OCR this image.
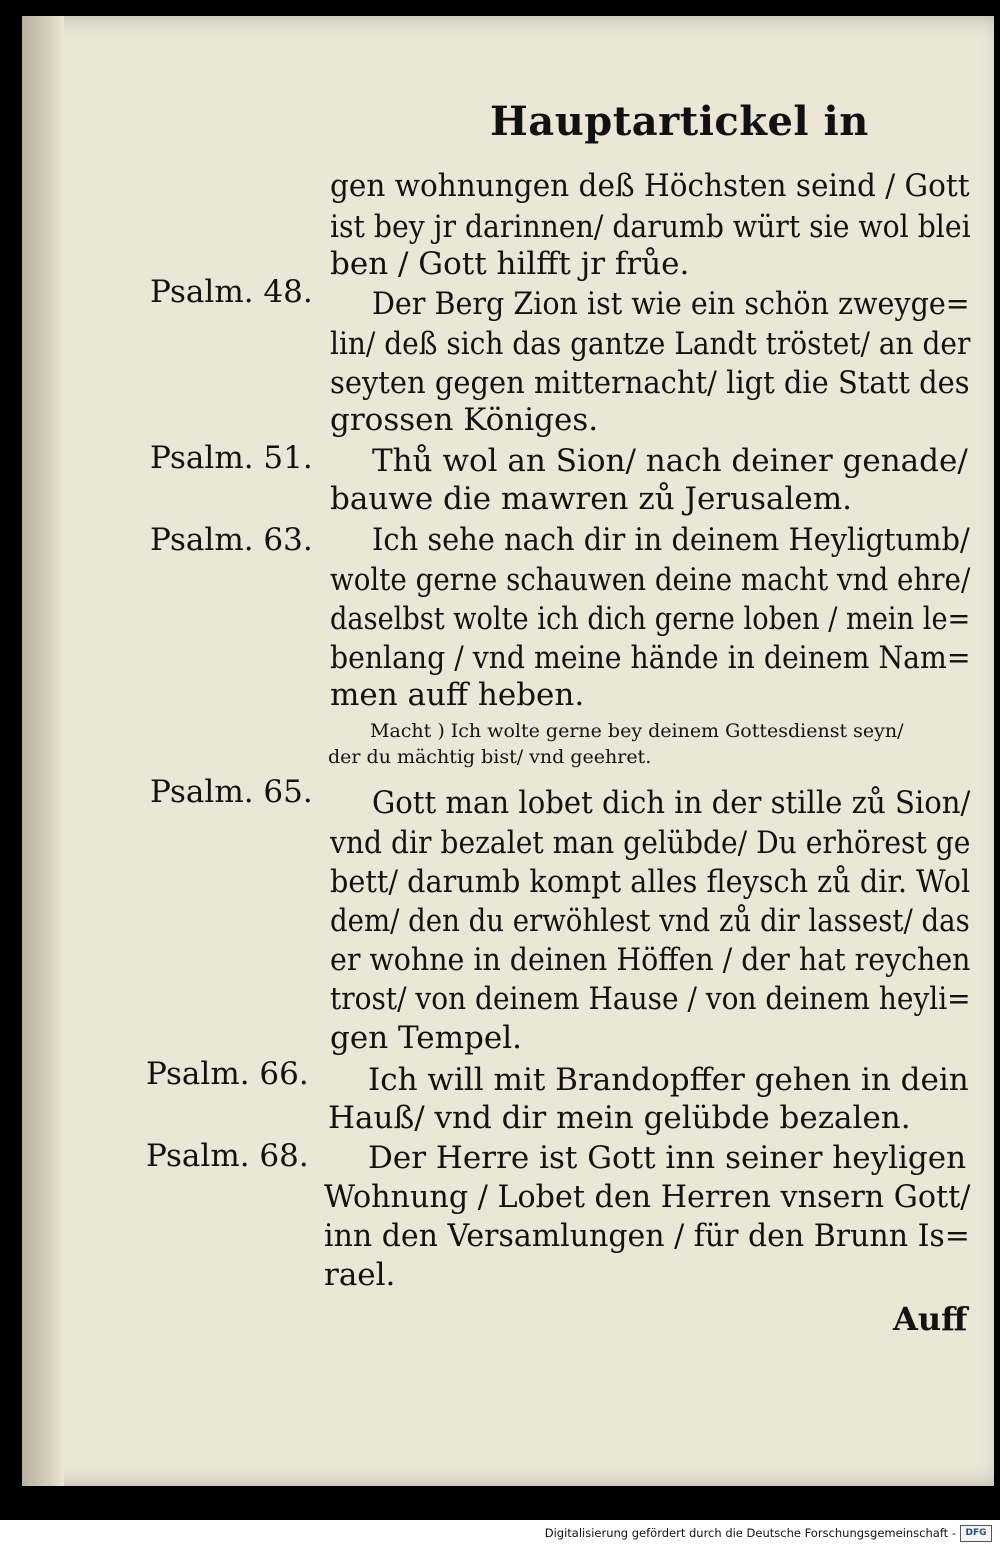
Hauptartickel in
gen wohnungen deß Höchsten seind / Gott
ist bey jr darinnen/ darumb würt sie wol blei
ben / Gott hilfft jr frůe.
Psalm. 48. Der Berg Zion ist wie ein schön zweyge=
lin/ deß sich das gantze Landt tröstet/ an der
seyten gegen mitternacht/ ligt die Statt des
grossen Königes.
Psalm. 51. Thů wol an Sion/ nach deiner genade/
bauwe die mawren zů Jerusalem.
Psalm. 63. Ich sehe nach dir in deinem Heyligtumb/
wolte gerne schauwen deine macht vnd ehre/
daselbst wolte ich dich gerne loben / mein le=
benlang / vnd meine hände in deinem Nam=
men auff heben.
Macht ) Ich wolte gerne bey deinem Gottesdienst seyn/
der du mächtig bist/ vnd geehret.
Psalm. 65. Gott man lobet dich in der stille zů Sion/
vnd dir bezalet man gelübde/ Du erhörest ge
bett/ darumb kompt alles fleysch zů dir. Wol
dem/ den du erwöhlest vnd zů dir lassest/ das
er wohne in deinen Höffen / der hat reychen
trost/ von deinem Hause / von deinem heyli=
gen Tempel.
Psalm. 66. Ich will mit Brandopffer gehen in dein
Hauß/ vnd dir mein gelübde bezalen.
Psalm. 68. Der Herre ist Gott inn seiner heyligen
Wohnung / Lobet den Herren vnsern Gott/
inn den Versamlungen / für den Brunn Is=
rael.
Auff
Digitalisierung gefördert durch die Deutsche Forschungsgemeinschaft -	DFG
